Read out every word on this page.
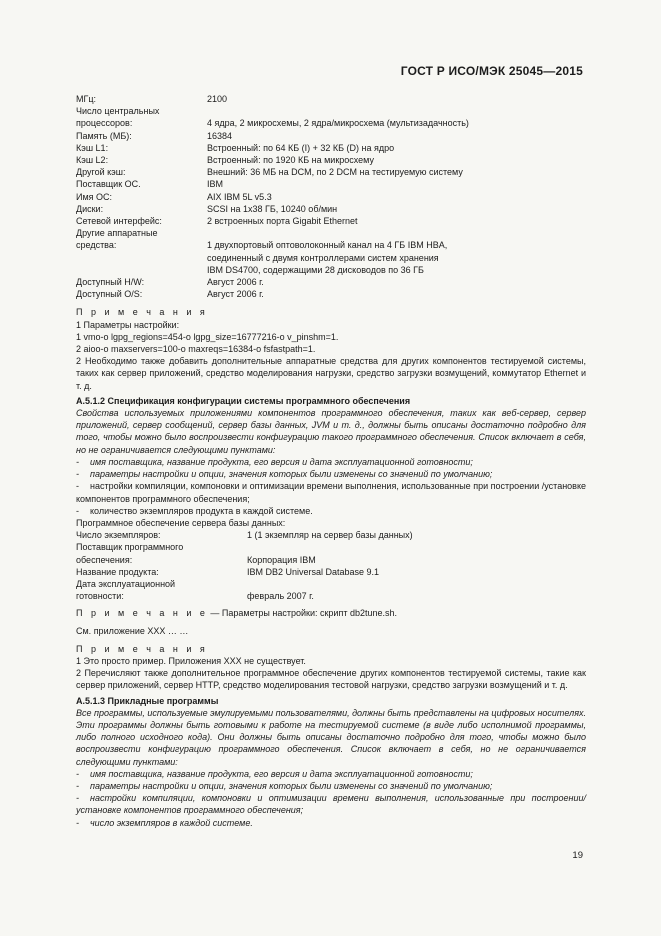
ГОСТ Р ИСО/МЭК 25045—2015
МГц:	2100
Число центральных
процессоров:	4 ядра, 2 микросхемы, 2 ядра/микросхема (мультизадачность)
Память (МБ):	16384
Кэш L1:	Встроенный: по 64 КБ (I) + 32 КБ (D) на ядро
Кэш L2:	Встроенный: по 1920 КБ на микросхему
Другой кэш:	Внешний: 36 МБ на DCM, по 2 DCM на тестируемую систему
Поставщик ОС.	IBM
Имя ОС:	AIX IBM 5L v5.3
Диски:	SCSI на 1x38 ГБ, 10240 об/мин
Сетевой интерфейс:	2 встроенных порта Gigabit Ethernet
Другие аппаратные
средства:	1 двухпортовый оптоволоконный канал на 4 ГБ IBM HBA,
соединенный с двумя контроллерами систем хранения
IBM DS4700, содержащими 28 дисководов по 36 ГБ
Доступный H/W:	Август 2006 г.
Доступный O/S:	Август 2006 г.

П р и м е ч а н и я

1 Параметры настройки:

1 vmo-o lgpg_regions=454-o lgpg_size=16777216-o v_pinshm=1.

2 aioo-o maxservers=100-o maxreqs=16384-o fsfastpath=1.

2 Необходимо также добавить дополнительные аппаратные средства для других компонентов тестируемой системы, таких как сервер приложений, средство моделирования нагрузки, средство загрузки возмущений, коммутатор Ethernet и т. д.

А.5.1.2 Спецификация конфигурации системы программного обеспечения

Свойства используемых приложениями компонентов программного обеспечения, таких как веб-сервер, сервер приложений, сервер сообщений, сервер базы данных, JVM и т. д., должны быть описаны достаточно подробно для того, чтобы можно было воспроизвести конфигурацию такого программного обеспечения. Список включает в себя, но не ограничивается следующими пунктами:

- имя поставщика, название продукта, его версия и дата эксплуатационной готовности;

- параметры настройки и опции, значения которых были изменены со значений по умолчанию;

- настройки компиляции, компоновки и оптимизации времени выполнения, использованные при построении /установке компонентов программного обеспечения;

- количество экземпляров продукта в каждой системе.

Программное обеспечение сервера базы данных:

Число экземпляров:	1 (1 экземпляр на сервер базы данных)
Поставщик программного
обеспечения:	Корпорация IBM
Название продукта:	IBM DB2 Universal Database 9.1
Дата эксплуатационной
готовности:	февраль 2007 г.

П р и м е ч а н и е — Параметры настройки: скрипт db2tune.sh.

См. приложение ХХХ … …

П р и м е ч а н и я

1 Это просто пример. Приложения ХХХ не существует.

2 Перечисляют также дополнительное программное обеспечение других компонентов тестируемой системы, такие как сервер приложений, сервер HTTP, средство моделирования тестовой нагрузки, средство загрузки возмущений и т. д.

А.5.1.3 Прикладные программы

Все программы, используемые эмулируемыми пользователями, должны быть представлены на цифровых носителях. Эти программы должны быть готовыми к работе на тестируемой системе (в виде либо исполнимой программы, либо полного исходного кода). Они должны быть описаны достаточно подробно для того, чтобы можно было воспроизвести конфигурацию программного обеспечения. Список включает в себя, но не ограничивается следующими пунктами:

- имя поставщика, название продукта, его версия и дата эксплуатационной готовности;

- параметры настройки и опции, значения которых были изменены со значений по умолчанию;

- настройки компиляции, компоновки и оптимизации времени выполнения, использованные при построении/установке компонентов программного обеспечения;

- число экземпляров в каждой системе.

19
